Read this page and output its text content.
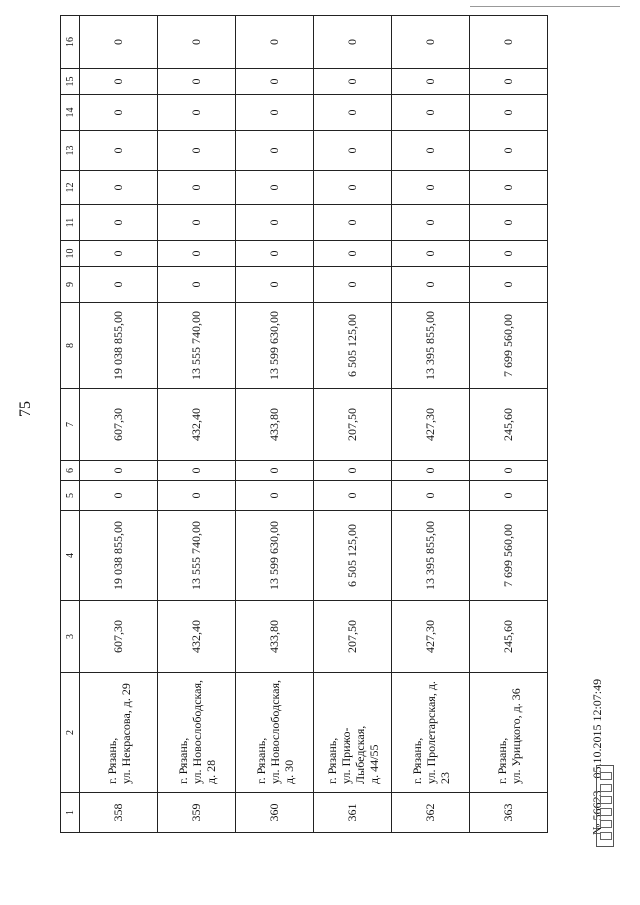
75
1	2	3	4	5	6	7	8	9	10	11	12	13	14	15	16
358	г. Рязань, ул. Некрасова, д. 29	607,30	19 038 855,00	0	0	607,30	19 038 855,00	0	0	0	0	0	0	0	0
359	г. Рязань, ул. Новослободская, д. 28	432,40	13 555 740,00	0	0	432,40	13 555 740,00	0	0	0	0	0	0	0	0
360	г. Рязань, ул. Новослободская, д. 30	433,80	13 599 630,00	0	0	433,80	13 599 630,00	0	0	0	0	0	0	0	0
361	г. Рязань, ул. Прижо-Лыбедская, д. 44/55	207,50	6 505 125,00	0	0	207,50	6 505 125,00	0	0	0	0	0	0	0	0
362	г. Рязань, ул. Пролетарская, д. 23	427,30	13 395 855,00	0	0	427,30	13 395 855,00	0	0	0	0	0	0	0	0
363	г. Рязань, ул. Урицкого, д. 36	245,60	7 699 560,00	0	0	245,60	7 699 560,00	0	0	0	0	0	0	0	0
№ 56623    05.10.2015 12:07:49
